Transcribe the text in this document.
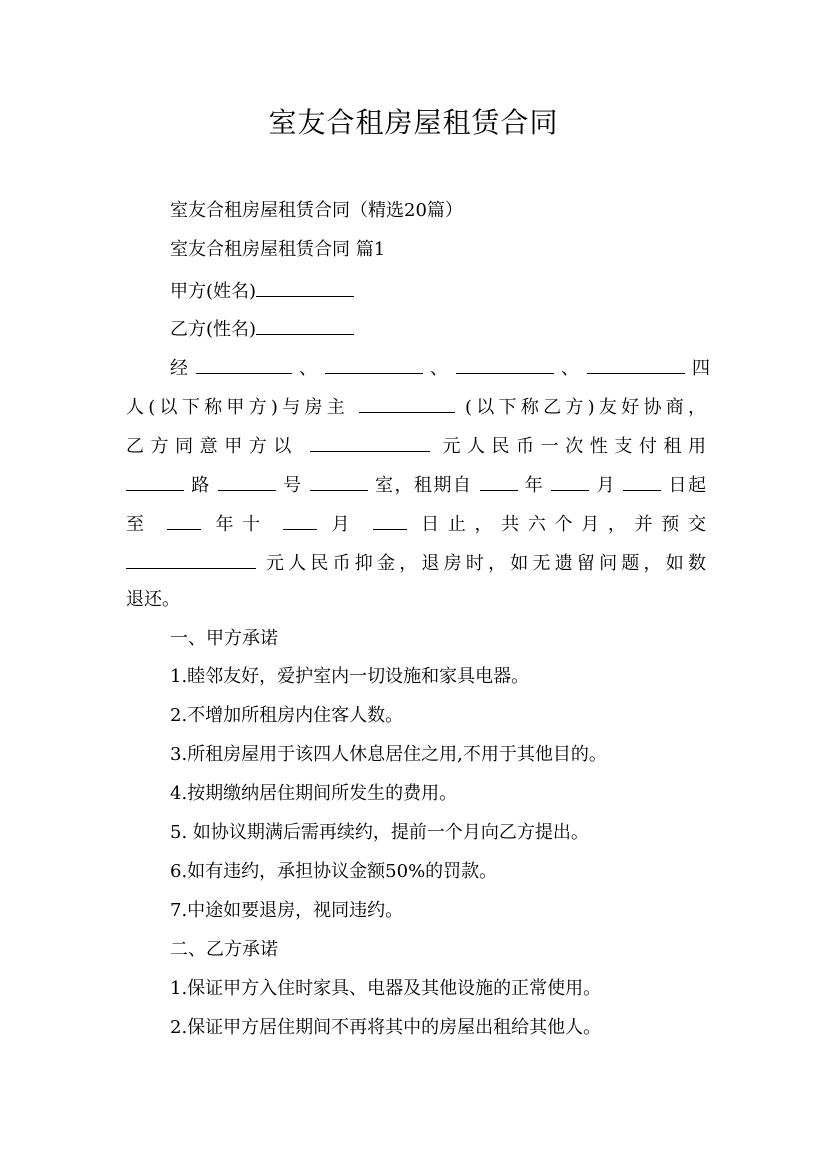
室友合租房屋租赁合同
室友合租房屋租赁合同（精选20篇）
室友合租房屋租赁合同 篇1
甲方(姓名)
乙方(性名)
经	、	、	、	四
人(以下称甲方)与房主	(以下称乙方)友好协商，
乙方同意甲方以	元人民币一次性支付租用
路	号	室，租期自	年	月	日起
至	年十	月	日止，共六个月，并预交
元人民币抑金，退房时，如无遗留问题，如数
退还。
一、甲方承诺
1.睦邻友好，爱护室内一切设施和家具电器。
2.不增加所租房内住客人数。
3.所租房屋用于该四人休息居住之用,不用于其他目的。
4.按期缴纳居住期间所发生的费用。
5. 如协议期满后需再续约，提前一个月向乙方提出。
6.如有违约，承担协议金额50%的罚款。
7.中途如要退房，视同违约。
二、乙方承诺
1.保证甲方入住时家具、电器及其他设施的正常使用。
2.保证甲方居住期间不再将其中的房屋出租给其他人。
